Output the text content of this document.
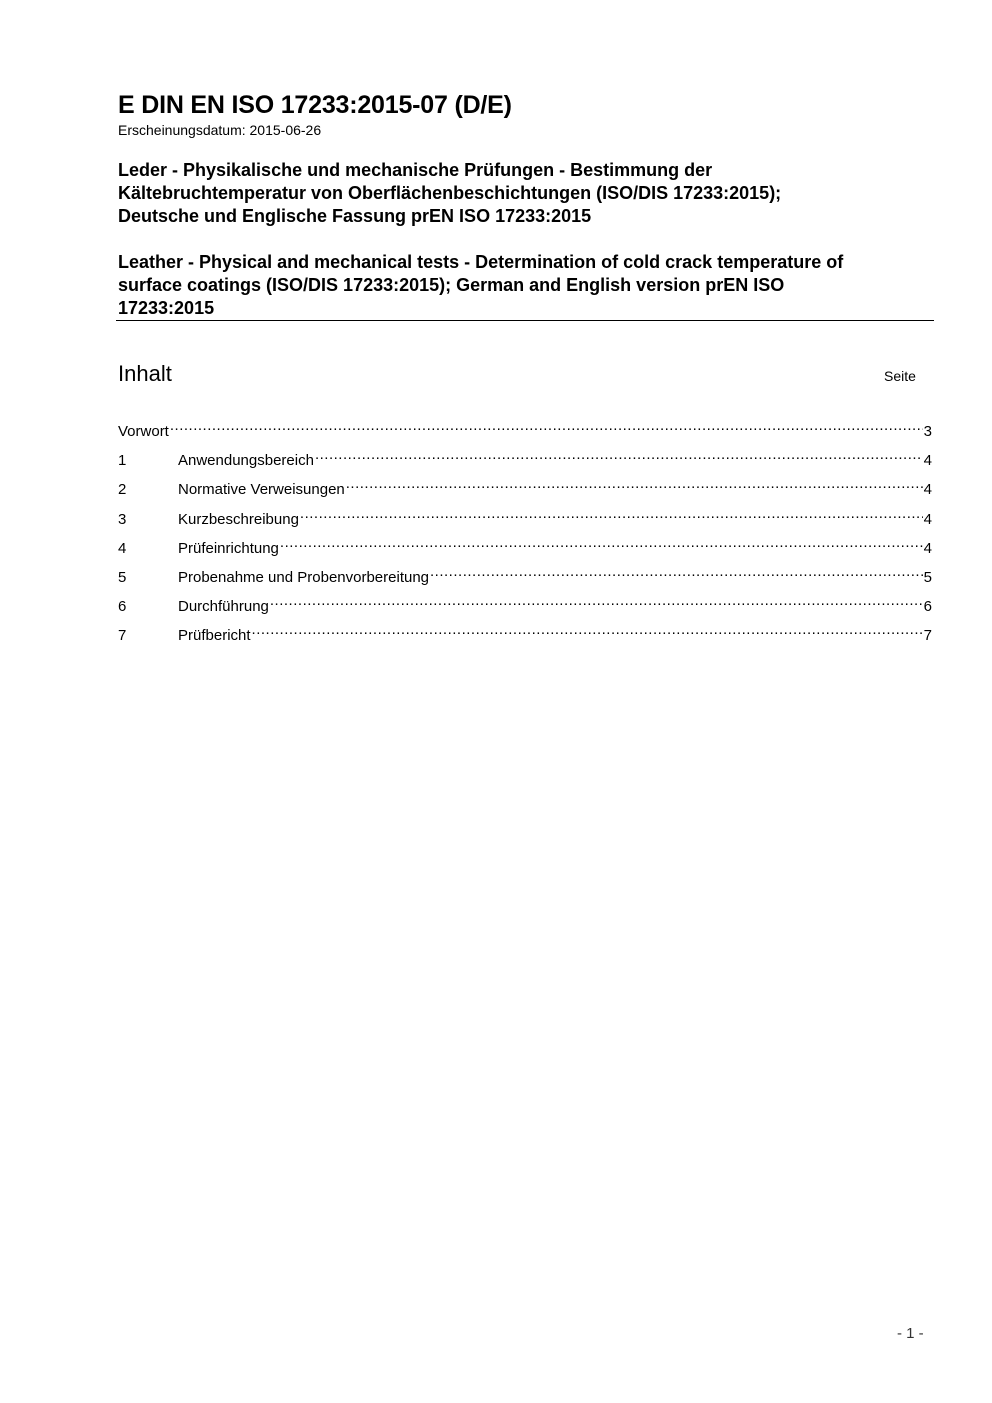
E DIN EN ISO 17233:2015-07 (D/E)
Erscheinungsdatum: 2015-06-26
Leder - Physikalische und mechanische Prüfungen - Bestimmung der
Kältebruchtemperatur von Oberflächenbeschichtungen (ISO/DIS 17233:2015);
Deutsche und Englische Fassung prEN ISO 17233:2015
Leather - Physical and mechanical tests - Determination of cold crack temperature of
surface coatings (ISO/DIS 17233:2015); German and English version prEN ISO
17233:2015
Inhalt	Seite
Vorwort .....	3
1	Anwendungsbereich .....	4
2	Normative Verweisungen .....	4
3	Kurzbeschreibung .....	4
4	Prüfeinrichtung .....	4
5	Probenahme und Probenvorbereitung .....	5
6	Durchführung .....	6
7	Prüfbericht .....	7
- 1 -
